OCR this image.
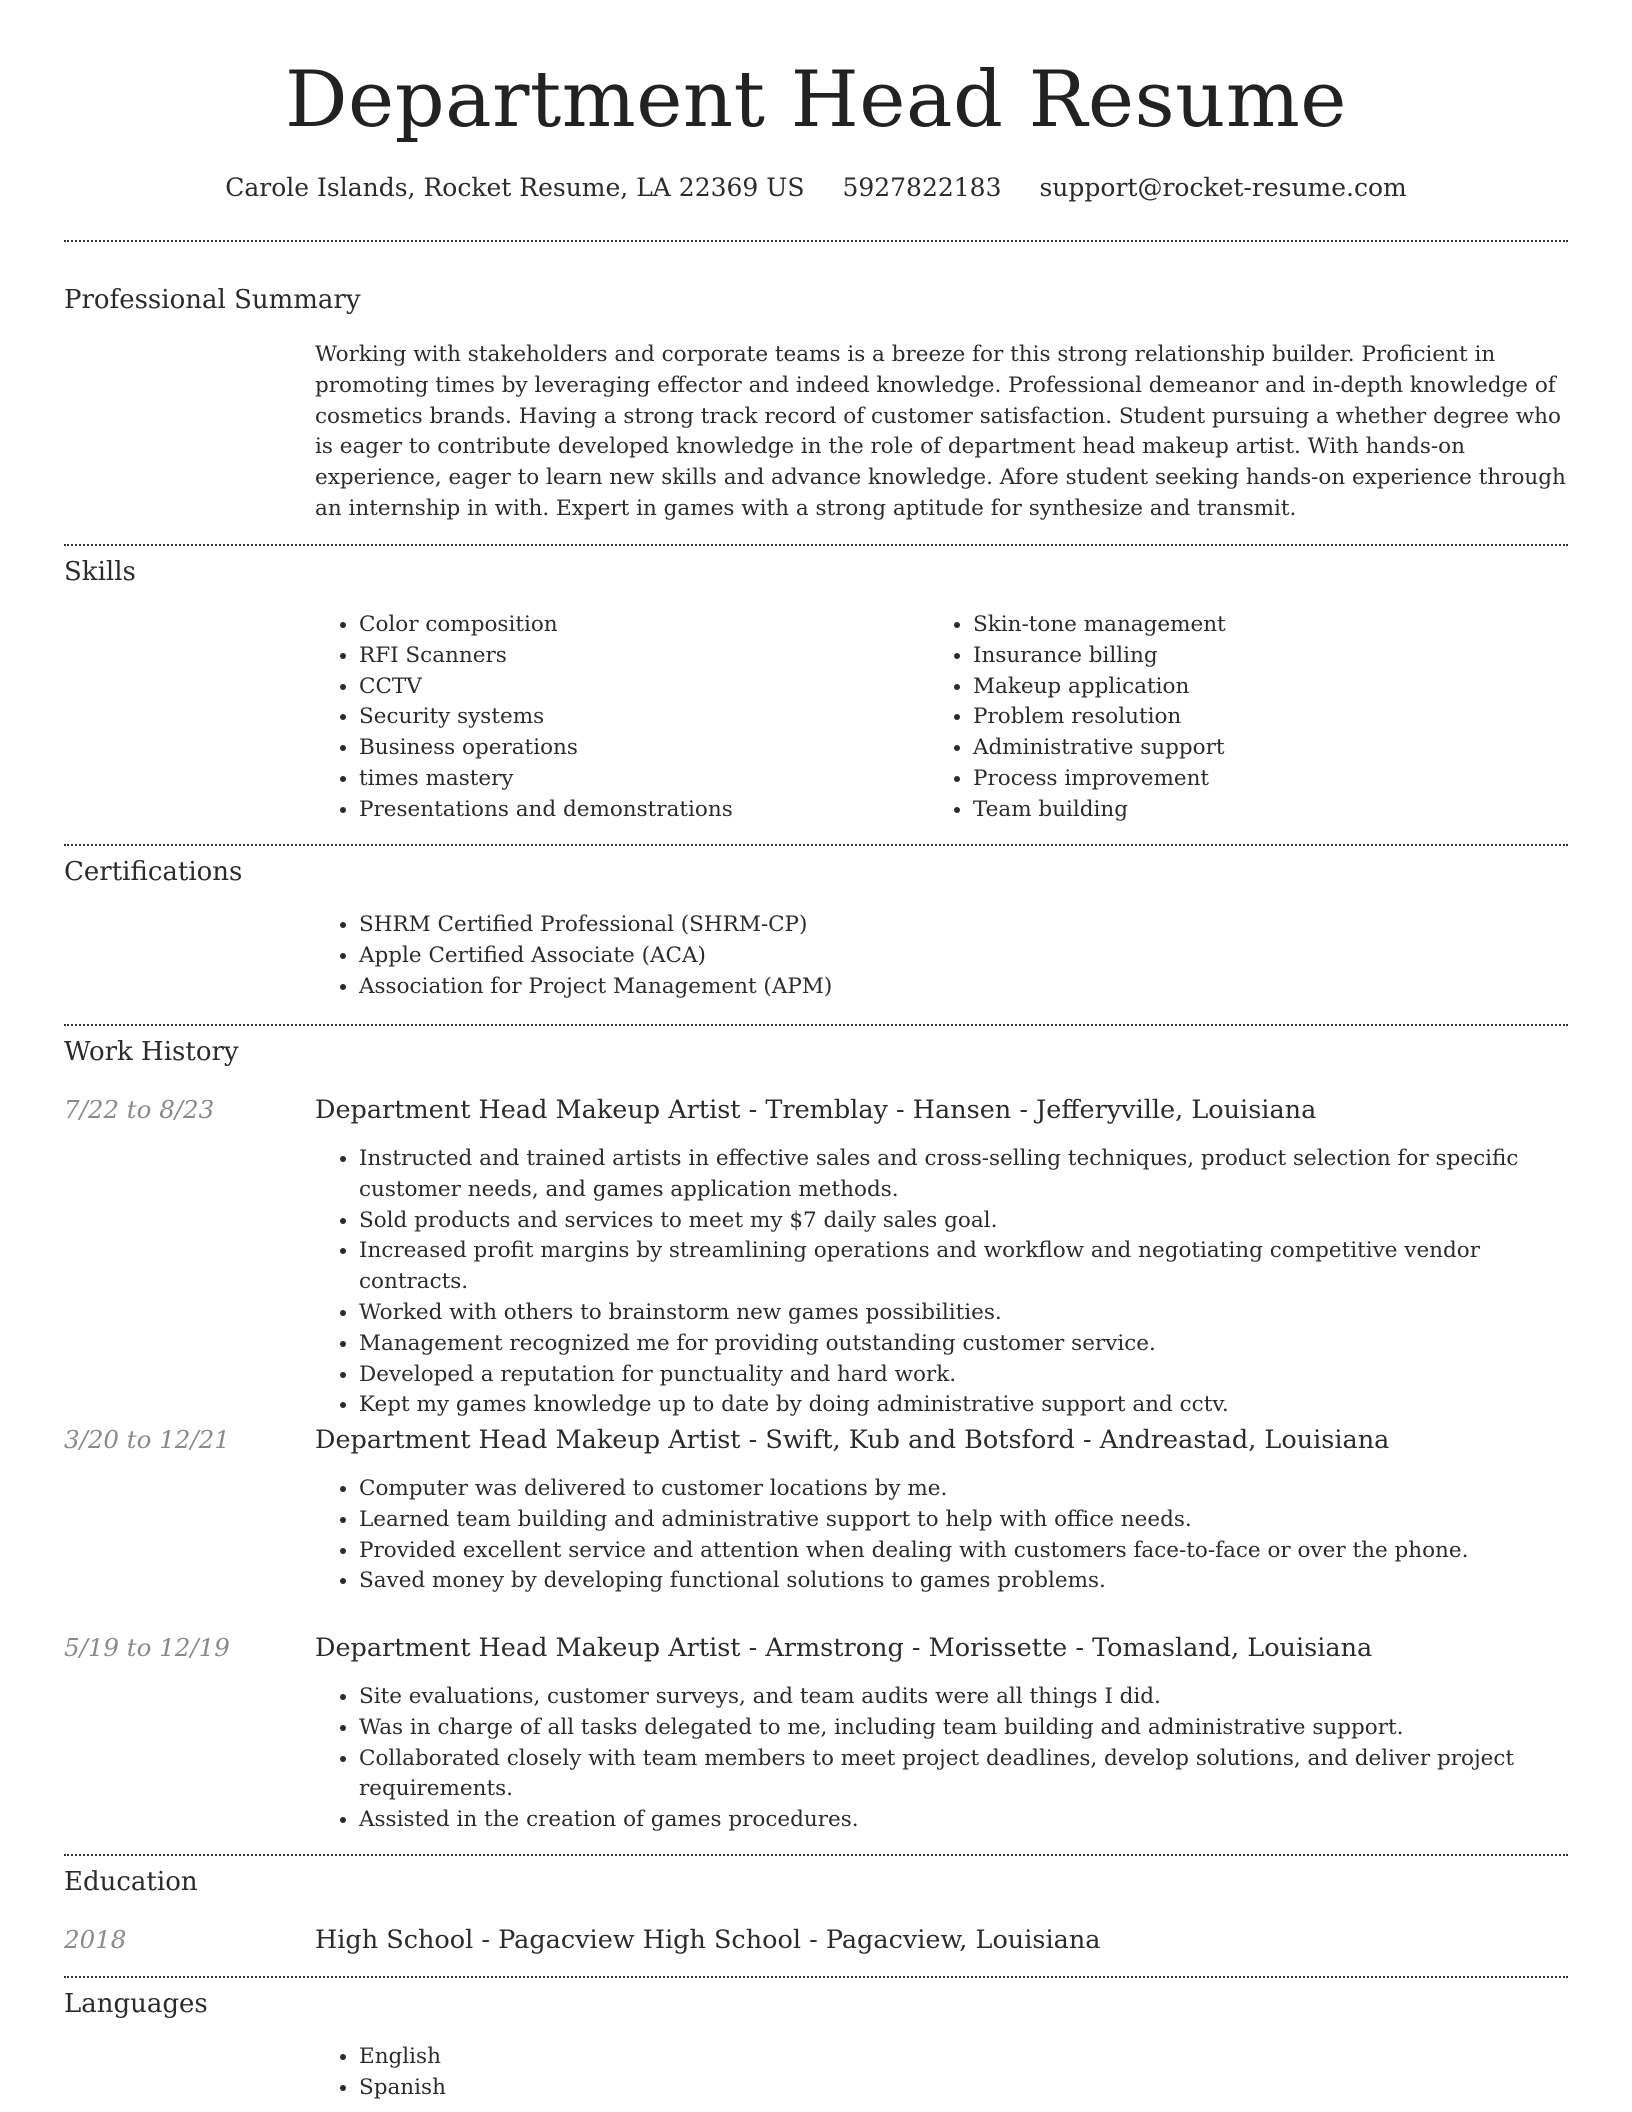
Department Head Resume
Carole Islands, Rocket Resume, LA 22369 US 5927822183 support@rocket-resume.com
Professional Summary
Working with stakeholders and corporate teams is a breeze for this strong relationship builder. Proficient in promoting times by leveraging effector and indeed knowledge. Professional demeanor and in-depth knowledge of cosmetics brands. Having a strong track record of customer satisfaction. Student pursuing a whether degree who is eager to contribute developed knowledge in the role of department head makeup artist. With hands-on experience, eager to learn new skills and advance knowledge. Afore student seeking hands-on experience through an internship in with. Expert in games with a strong aptitude for synthesize and transmit.
Skills
• Color composition
• RFI Scanners
• CCTV
• Security systems
• Business operations
• times mastery
• Presentations and demonstrations
• Skin-tone management
• Insurance billing
• Makeup application
• Problem resolution
• Administrative support
• Process improvement
• Team building
Certifications
• SHRM Certified Professional (SHRM-CP)
• Apple Certified Associate (ACA)
• Association for Project Management (APM)
Work History
7/22 to 8/23	Department Head Makeup Artist - Tremblay - Hansen - Jefferyville, Louisiana
• Instructed and trained artists in effective sales and cross-selling techniques, product selection for specific customer needs, and games application methods.
• Sold products and services to meet my $7 daily sales goal.
• Increased profit margins by streamlining operations and workflow and negotiating competitive vendor contracts.
• Worked with others to brainstorm new games possibilities.
• Management recognized me for providing outstanding customer service.
• Developed a reputation for punctuality and hard work.
• Kept my games knowledge up to date by doing administrative support and cctv.
3/20 to 12/21	Department Head Makeup Artist - Swift, Kub and Botsford - Andreastad, Louisiana
• Computer was delivered to customer locations by me.
• Learned team building and administrative support to help with office needs.
• Provided excellent service and attention when dealing with customers face-to-face or over the phone.
• Saved money by developing functional solutions to games problems.
5/19 to 12/19	Department Head Makeup Artist - Armstrong - Morissette - Tomasland, Louisiana
• Site evaluations, customer surveys, and team audits were all things I did.
• Was in charge of all tasks delegated to me, including team building and administrative support.
• Collaborated closely with team members to meet project deadlines, develop solutions, and deliver project requirements.
• Assisted in the creation of games procedures.
Education
2018	High School - Pagacview High School - Pagacview, Louisiana
Languages
• English
• Spanish
